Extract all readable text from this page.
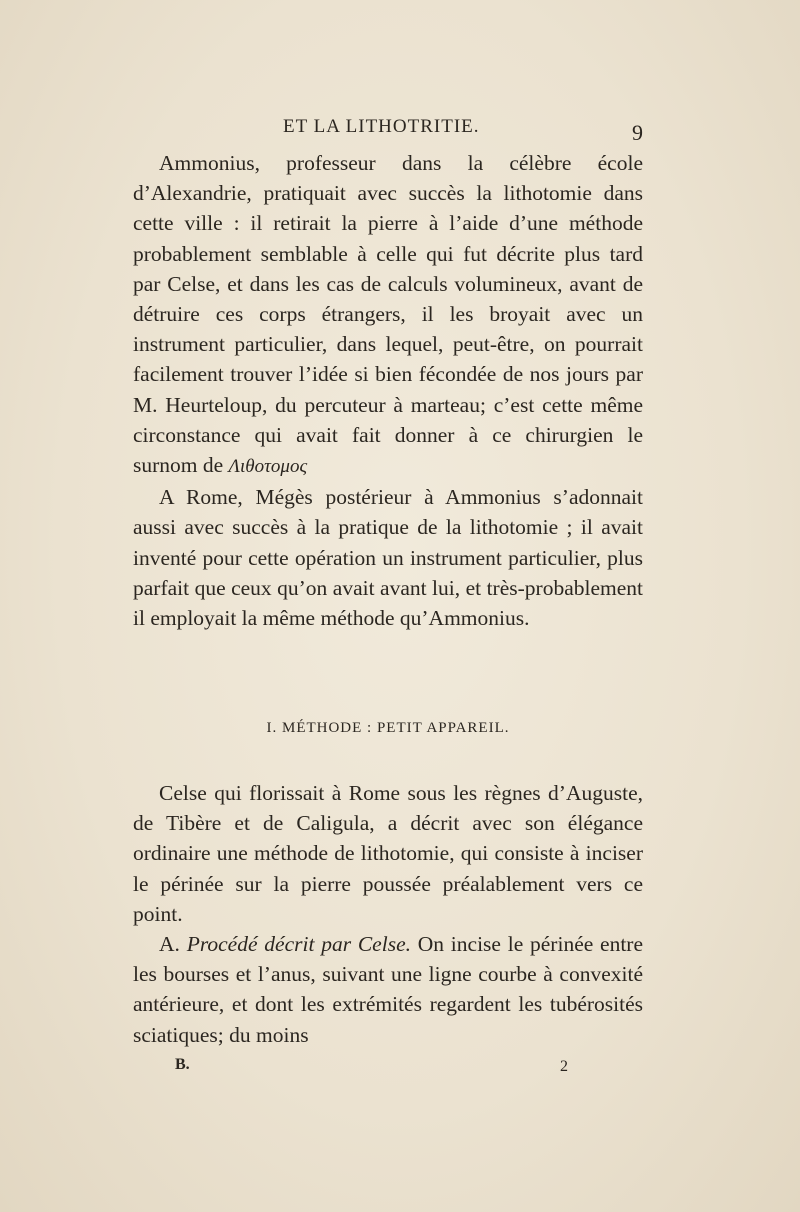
ET LA LITHOTRITIE.	9

Ammonius, professeur dans la célèbre école d’Alexandrie, pratiquait avec succès la lithotomie dans cette ville : il retirait la pierre à l’aide d’une méthode probablement semblable à celle qui fut décrite plus tard par Celse, et dans les cas de calculs volumineux, avant de détruire ces corps étrangers, il les broyait avec un instrument particulier, dans lequel, peut-être, on pourrait facilement trouver l’idée si bien fécondée de nos jours par M. Heurteloup, du percuteur à marteau; c’est cette même circonstance qui avait fait donner à ce chirurgien le surnom de Λιθοτομος

A Rome, Mégès postérieur à Ammonius s’adonnait aussi avec succès à la pratique de la lithotomie ; il avait inventé pour cette opération un instrument particulier, plus parfait que ceux qu’on avait avant lui, et très-probablement il employait la même méthode qu’Ammonius.

I. MÉTHODE : PETIT APPAREIL.

Celse qui florissait à Rome sous les règnes d’Auguste, de Tibère et de Caligula, a décrit avec son élégance ordinaire une méthode de lithotomie, qui consiste à inciser le périnée sur la pierre poussée préalablement vers ce point.

A. Procédé décrit par Celse. On incise le périnée entre les bourses et l’anus, suivant une ligne courbe à convexité antérieure, et dont les extrémités regardent les tubérosités sciatiques; du moins

B.	2
